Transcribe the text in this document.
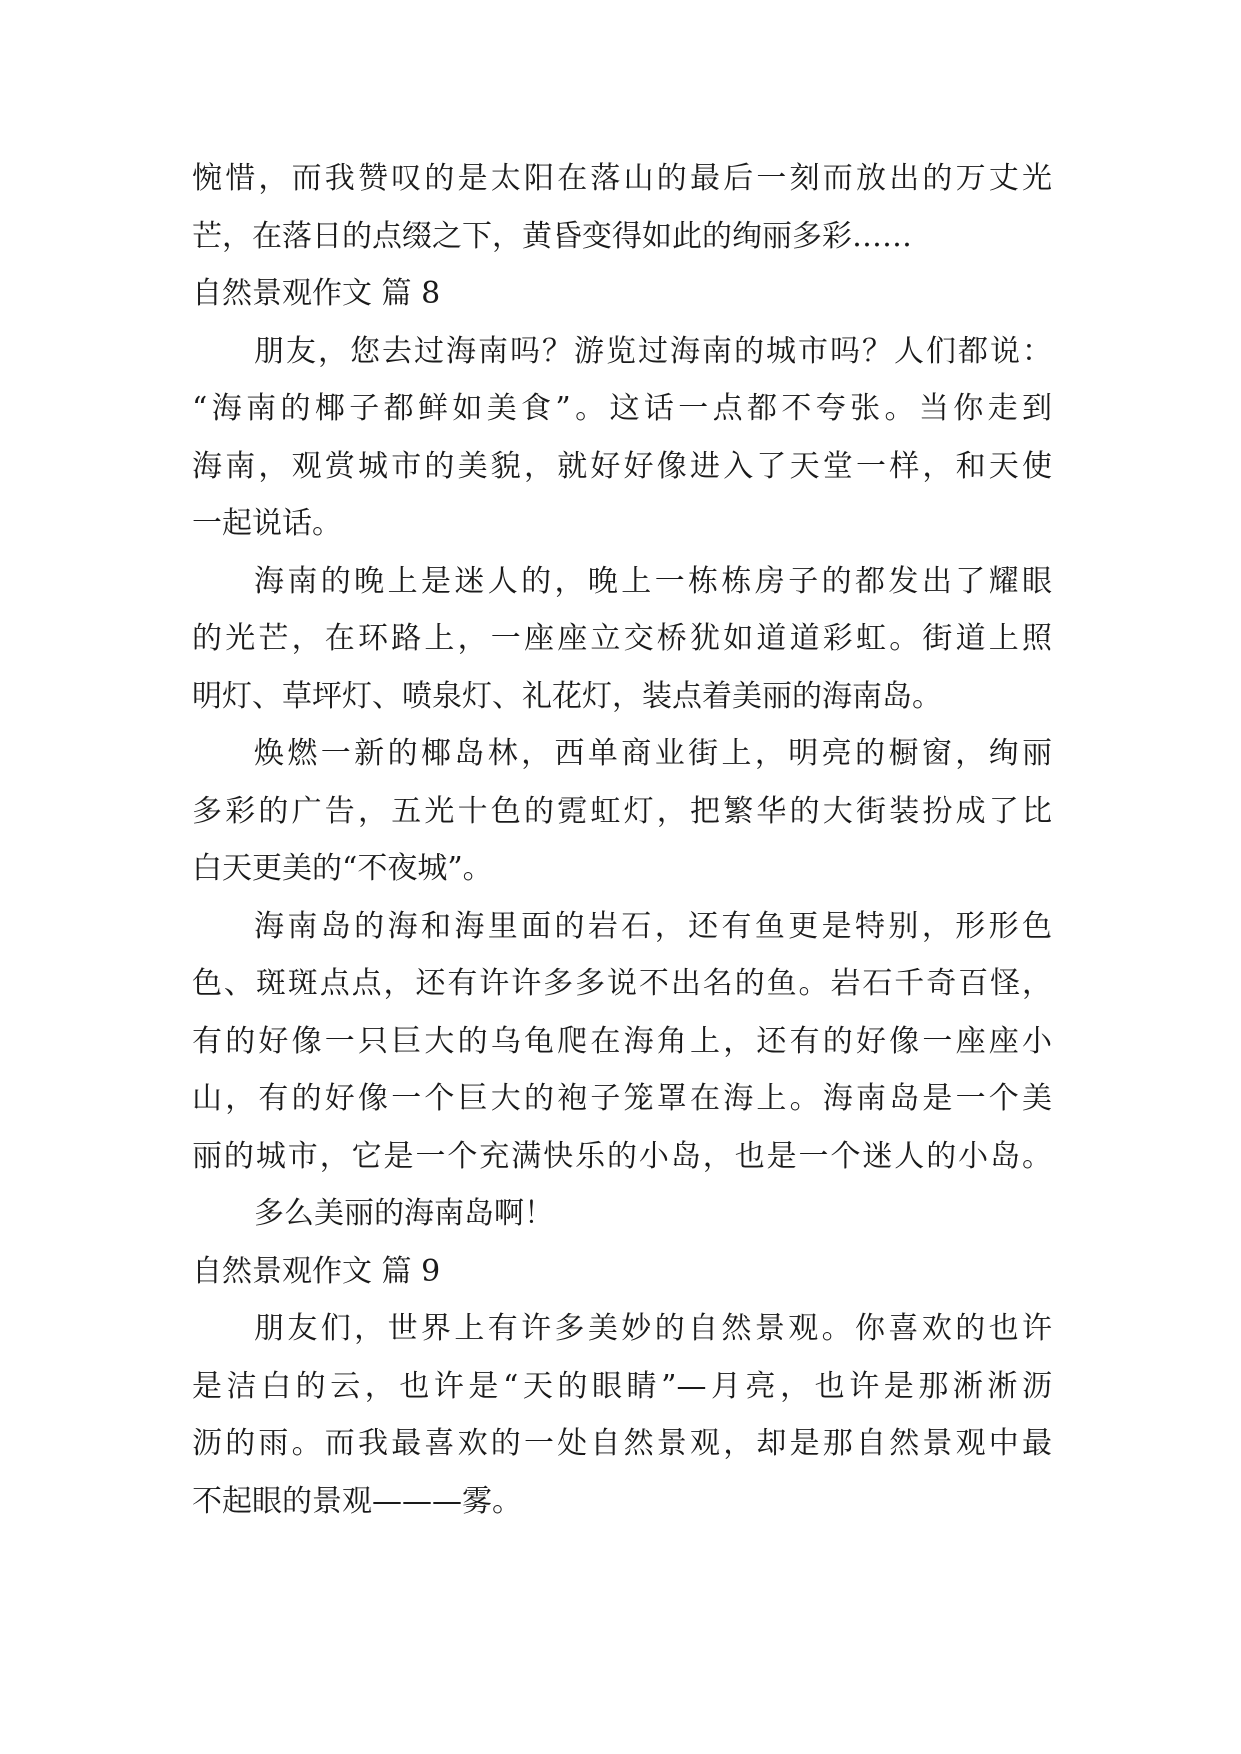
惋惜，而我赞叹的是太阳在落山的最后一刻而放出的万丈光
芒，在落日的点缀之下，黄昏变得如此的绚丽多彩……
自然景观作文 篇 8
朋友，您去过海南吗？游览过海南的城市吗？人们都说：
“海南的椰子都鲜如美食”。这话一点都不夸张。当你走到
海南，观赏城市的美貌，就好好像进入了天堂一样，和天使
一起说话。
海南的晚上是迷人的，晚上一栋栋房子的都发出了耀眼
的光芒，在环路上，一座座立交桥犹如道道彩虹。街道上照
明灯、草坪灯、喷泉灯、礼花灯，装点着美丽的海南岛。
焕燃一新的椰岛林，西单商业街上，明亮的橱窗，绚丽
多彩的广告，五光十色的霓虹灯，把繁华的大街装扮成了比
白天更美的“不夜城”。
海南岛的海和海里面的岩石，还有鱼更是特别，形形色
色、斑斑点点，还有许许多多说不出名的鱼。岩石千奇百怪，
有的好像一只巨大的乌龟爬在海角上，还有的好像一座座小
山，有的好像一个巨大的袍子笼罩在海上。海南岛是一个美
丽的城市，它是一个充满快乐的小岛，也是一个迷人的小岛。
多么美丽的海南岛啊！
自然景观作文 篇 9
朋友们，世界上有许多美妙的自然景观。你喜欢的也许
是洁白的云，也许是“天的眼睛”—月亮，也许是那淅淅沥
沥的雨。而我最喜欢的一处自然景观，却是那自然景观中最
不起眼的景观———雾。
